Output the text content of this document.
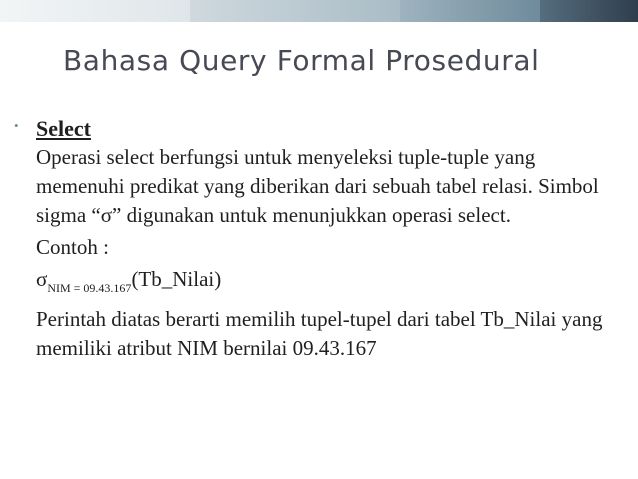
Bahasa Query Formal Prosedural
• Select

Operasi select berfungsi untuk menyeleksi tuple-tuple yang memenuhi predikat yang diberikan dari sebuah tabel relasi. Simbol sigma “σ” digunakan untuk menunjukkan operasi select.

Contoh :

$\sigma_{NIM = 09.43.167}(Tb\_Nilai)$

Perintah diatas berarti memilih tupel-tupel dari tabel Tb_Nilai yang memiliki atribut NIM bernilai 09.43.167
